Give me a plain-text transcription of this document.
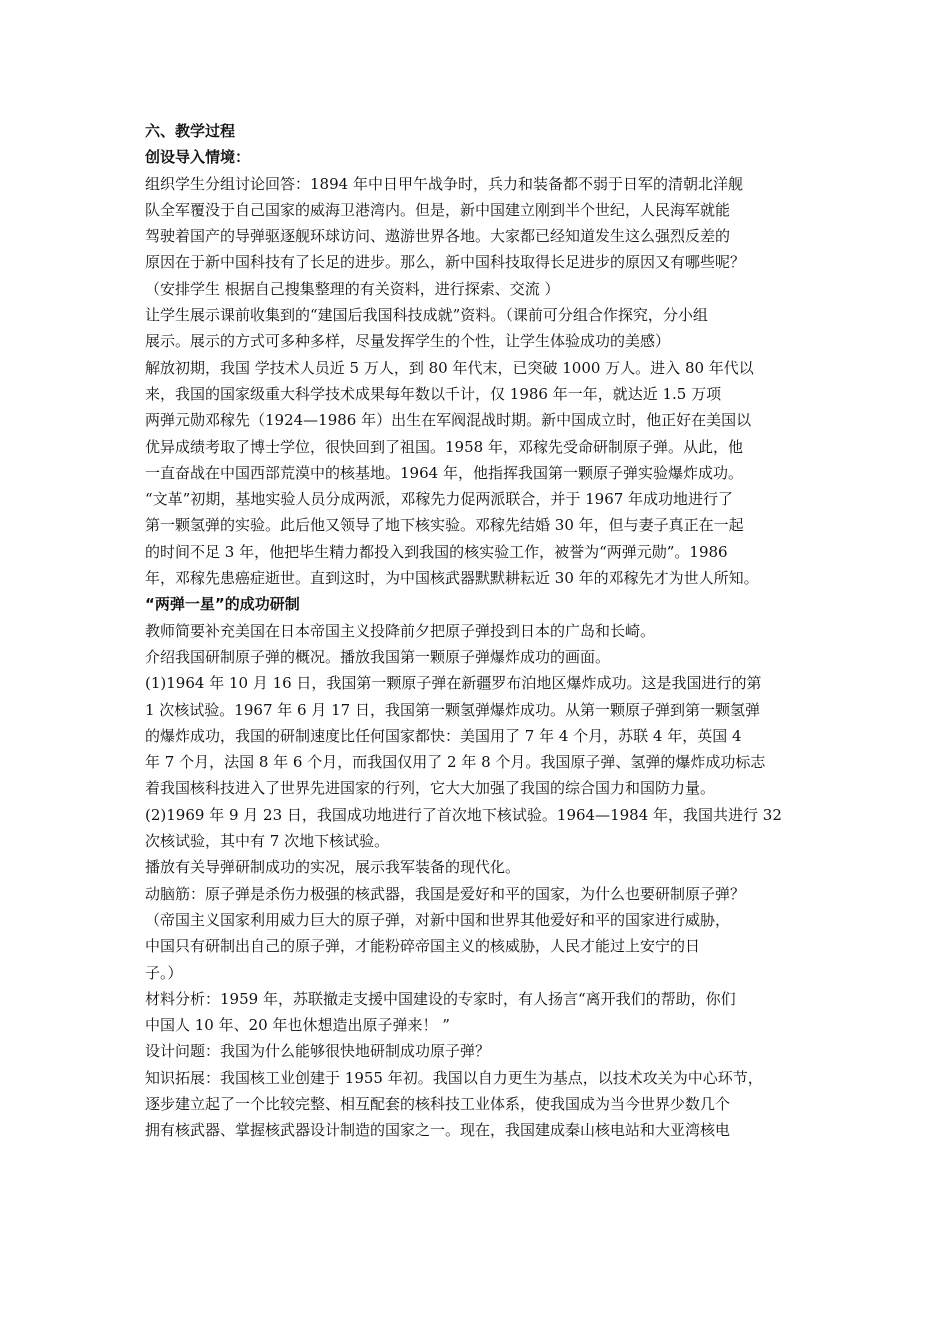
六、教学过程
创设导入情境：
组织学生分组讨论回答：1894 年中日甲午战争时，兵力和装备都不弱于日军的清朝北洋舰
队全军覆没于自己国家的威海卫港湾内。但是，新中国建立刚到半个世纪，人民海军就能
驾驶着国产的导弹驱逐舰环球访问、遨游世界各地。大家都已经知道发生这么强烈反差的
原因在于新中国科技有了长足的进步。那么，新中国科技取得长足进步的原因又有哪些呢？
（安排学生 根据自己搜集整理的有关资料，进行探索、交流 ）
让学生展示课前收集到的“建国后我国科技成就”资料。（课前可分组合作探究，分小组
展示。展示的方式可多种多样，尽量发挥学生的个性，让学生体验成功的美感）
解放初期，我国 学技术人员近 5 万人，到 80 年代末，已突破 1000 万人。进入 80 年代以
来，我国的国家级重大科学技术成果每年数以千计，仅 1986 年一年，就达近 1.5 万项
两弹元勋邓稼先（1924—1986 年）出生在军阀混战时期。新中国成立时，他正好在美国以
优异成绩考取了博士学位，很快回到了祖国。1958 年，邓稼先受命研制原子弹。从此，他
一直奋战在中国西部荒漠中的核基地。1964 年，他指挥我国第一颗原子弹实验爆炸成功。
“文革”初期，基地实验人员分成两派，邓稼先力促两派联合，并于 1967 年成功地进行了
第一颗氢弹的实验。此后他又领导了地下核实验。邓稼先结婚 30 年，但与妻子真正在一起
的时间不足 3 年，他把毕生精力都投入到我国的核实验工作，被誉为“两弹元勋”。1986
年，邓稼先患癌症逝世。直到这时，为中国核武器默默耕耘近 30 年的邓稼先才为世人所知。
“两弹一星”的成功研制
教师简要补充美国在日本帝国主义投降前夕把原子弹投到日本的广岛和长崎。
介绍我国研制原子弹的概况。播放我国第一颗原子弹爆炸成功的画面。
(1)1964 年 10 月 16 日，我国第一颗原子弹在新疆罗布泊地区爆炸成功。这是我国进行的第
1 次核试验。1967 年 6 月 17 日，我国第一颗氢弹爆炸成功。从第一颗原子弹到第一颗氢弹
的爆炸成功，我国的研制速度比任何国家都快：美国用了 7 年 4 个月，苏联 4 年，英国 4
年 7 个月，法国 8 年 6 个月，而我国仅用了 2 年 8 个月。我国原子弹、氢弹的爆炸成功标志
着我国核科技进入了世界先进国家的行列，它大大加强了我国的综合国力和国防力量。
(2)1969 年 9 月 23 日，我国成功地进行了首次地下核试验。1964—1984 年，我国共进行 32
次核试验，其中有 7 次地下核试验。
播放有关导弹研制成功的实况，展示我军装备的现代化。
动脑筋：原子弹是杀伤力极强的核武器，我国是爱好和平的国家，为什么也要研制原子弹？
（帝国主义国家利用威力巨大的原子弹，对新中国和世界其他爱好和平的国家进行威胁，
中国只有研制出自己的原子弹，才能粉碎帝国主义的核威胁，人民才能过上安宁的日
子。）
材料分析：1959 年，苏联撤走支援中国建设的专家时，有人扬言“离开我们的帮助，你们
中国人 10 年、20 年也休想造出原子弹来！ ”
设计问题：我国为什么能够很快地研制成功原子弹？
知识拓展：我国核工业创建于 1955 年初。我国以自力更生为基点，以技术攻关为中心环节，
逐步建立起了一个比较完整、相互配套的核科技工业体系，使我国成为当今世界少数几个
拥有核武器、掌握核武器设计制造的国家之一。现在，我国建成秦山核电站和大亚湾核电
